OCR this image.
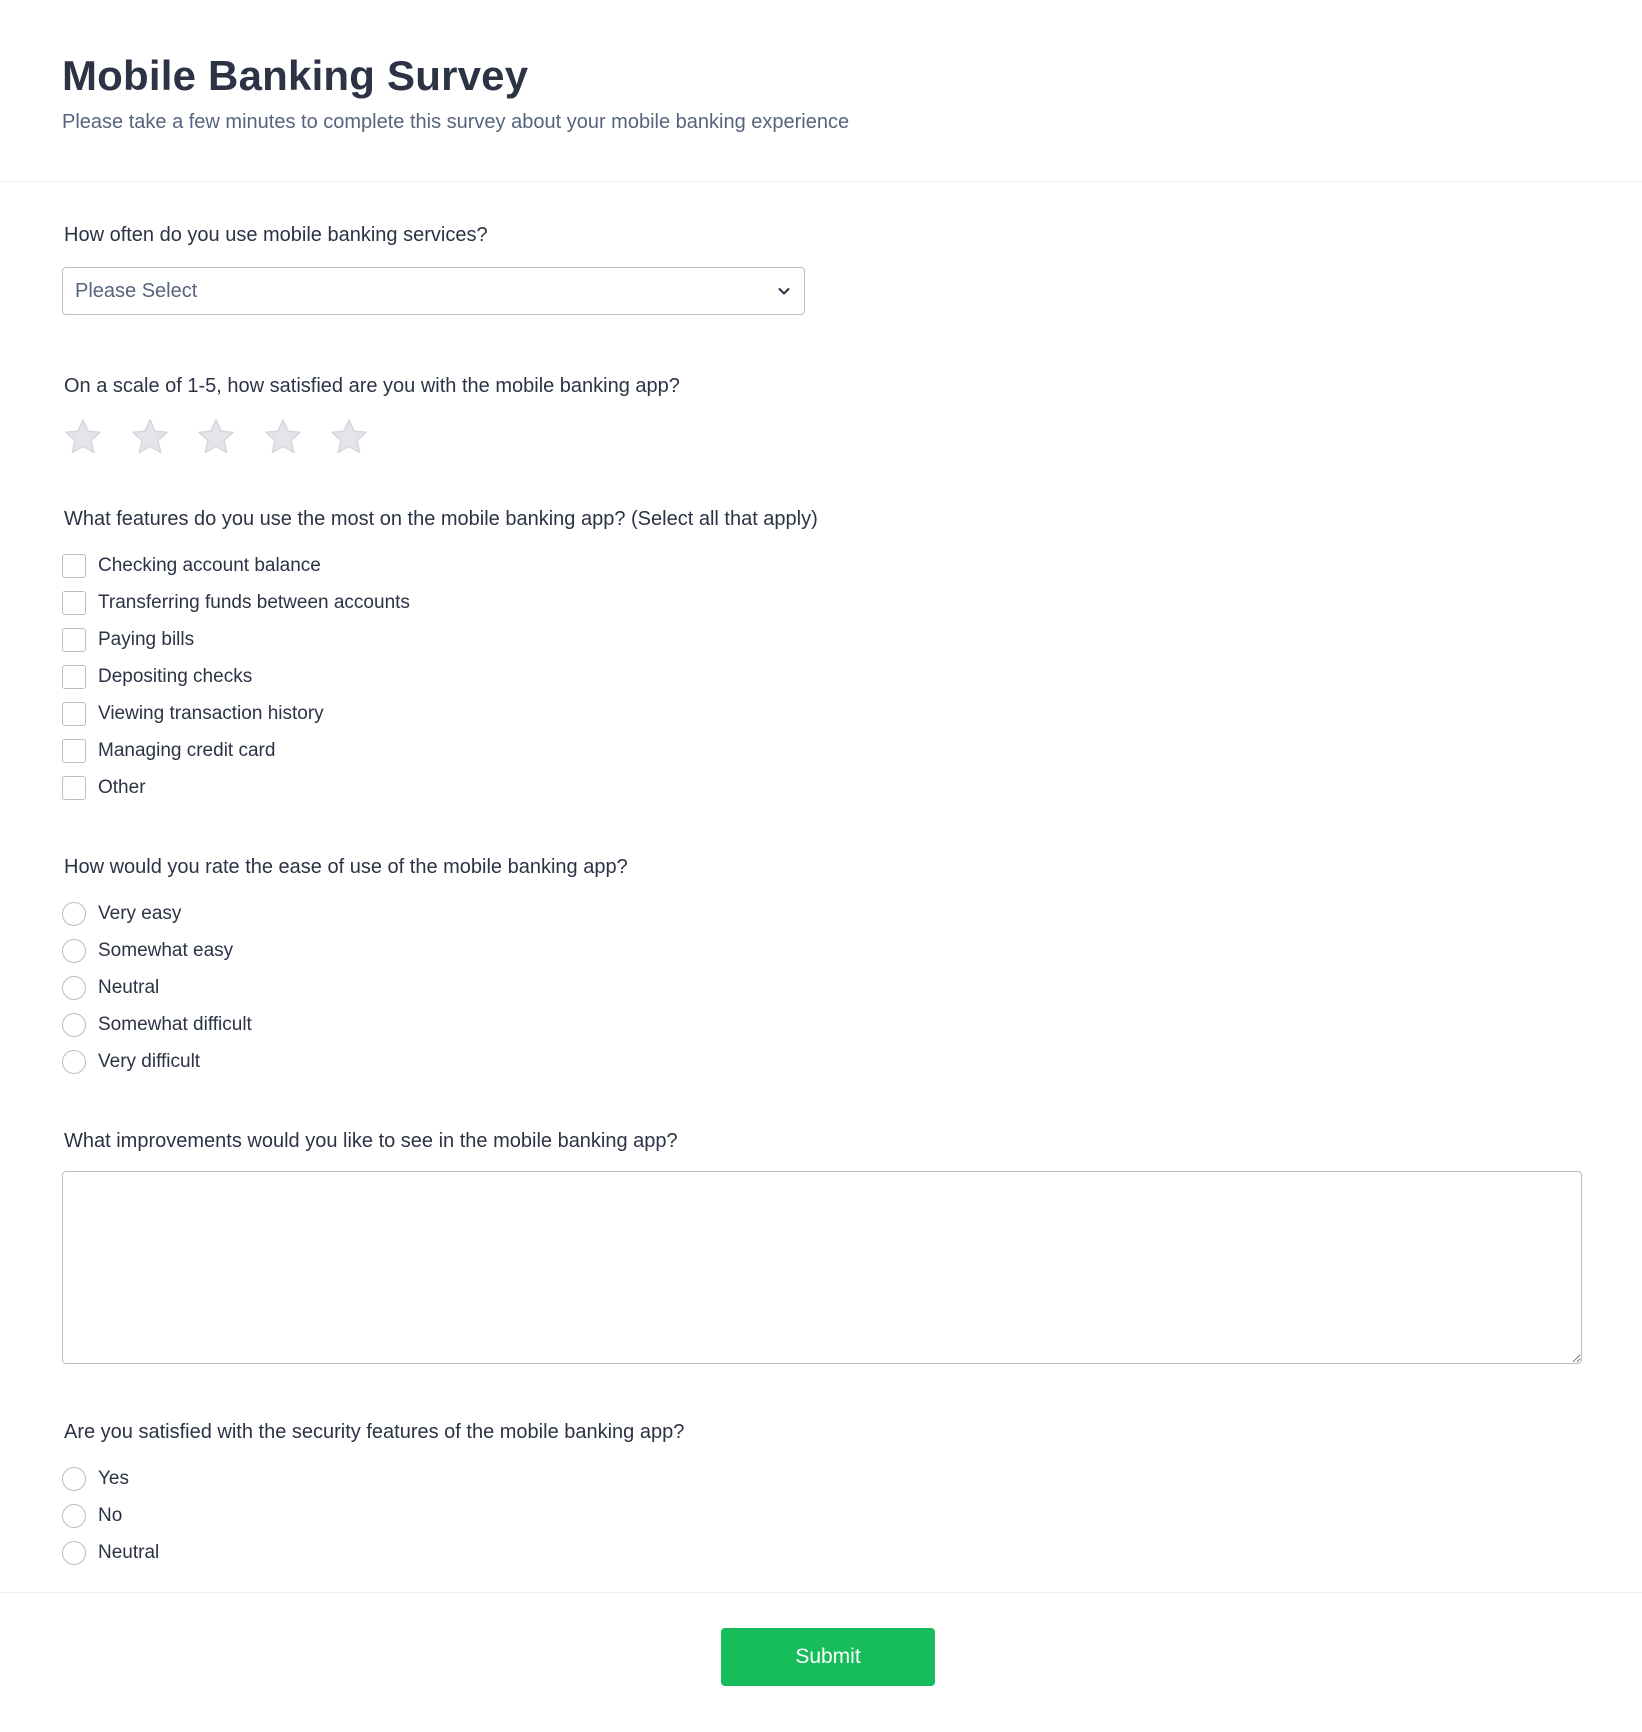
Mobile Banking Survey

Please take a few minutes to complete this survey about your mobile banking experience

How often do you use mobile banking services?
Please Select
On a scale of 1-5, how satisfied are you with the mobile banking app?
What features do you use the most on the mobile banking app? (Select all that apply)
Checking account balance
Transferring funds between accounts
Paying bills
Depositing checks
Viewing transaction history
Managing credit card
Other
How would you rate the ease of use of the mobile banking app?
Very easy
Somewhat easy
Neutral
Somewhat difficult
Very difficult
What improvements would you like to see in the mobile banking app?
Are you satisfied with the security features of the mobile banking app?
Yes
No
Neutral
Submit
